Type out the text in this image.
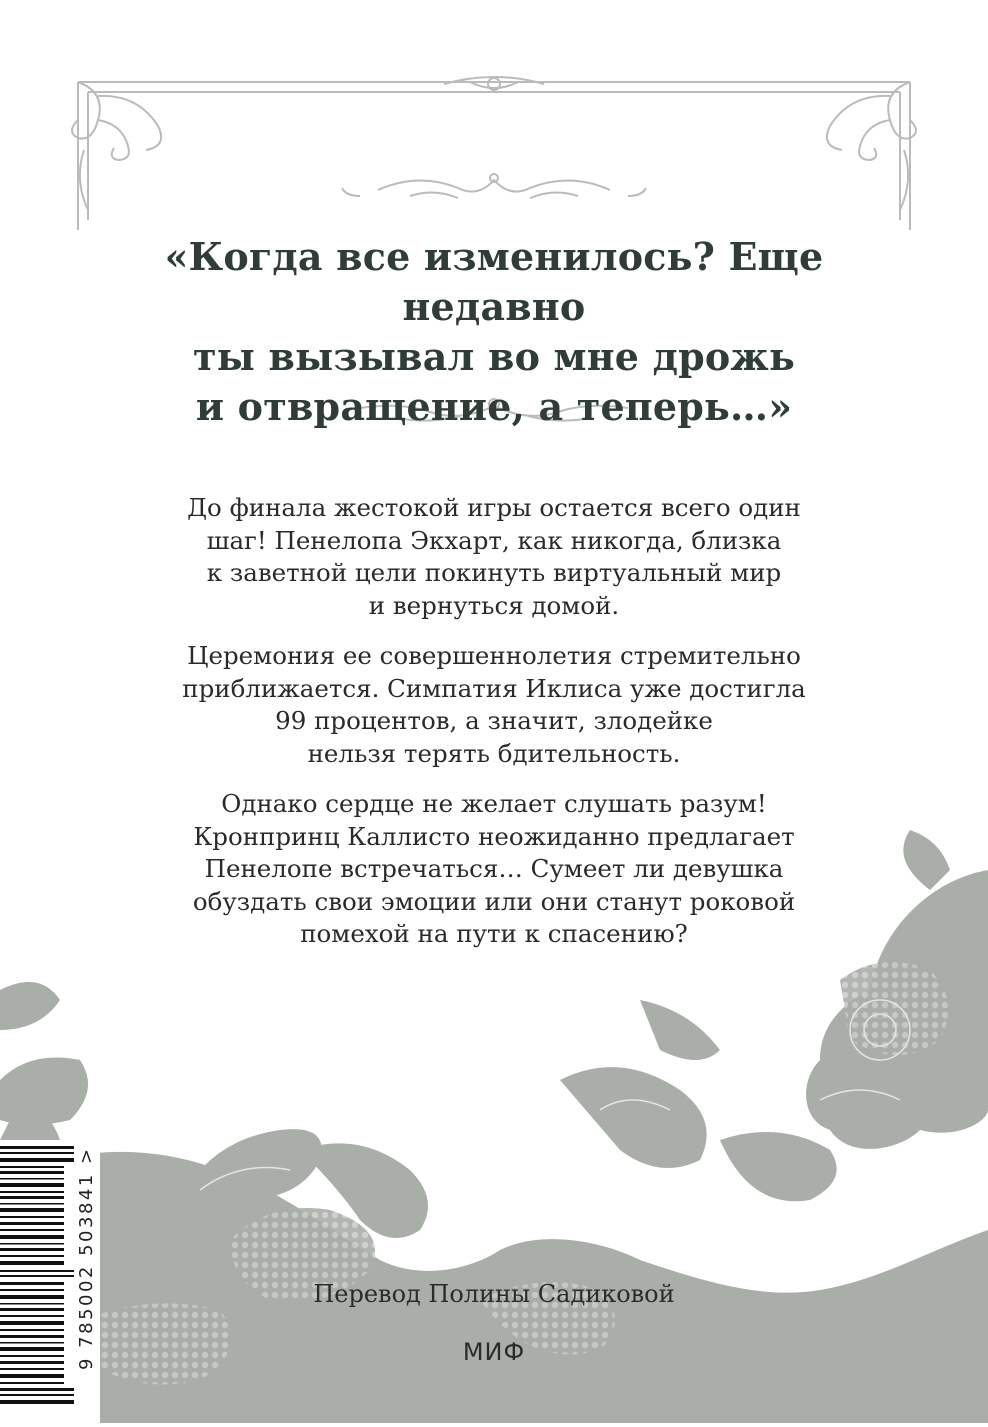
«Когда все изменилось? Еще недавно
ты вызывал во мне дрожь
и отвращение, а теперь…»
До финала жестокой игры остается всего один
шаг! Пенелопа Экхарт, как никогда, близка
к заветной цели покинуть виртуальный мир
и вернуться домой.
Церемония ее совершеннолетия стремительно
приближается. Симпатия Иклиса уже достигла
99 процентов, а значит, злодейке
нельзя терять бдительность.
Однако сердце не желает слушать разум!
Кронпринц Каллисто неожиданно предлагает
Пенелопе встречаться… Сумеет ли девушка
обуздать свои эмоции или они станут роковой
помехой на пути к спасению?
9 785002 503841 >	Перевод Полины Садиковой
МИФ
